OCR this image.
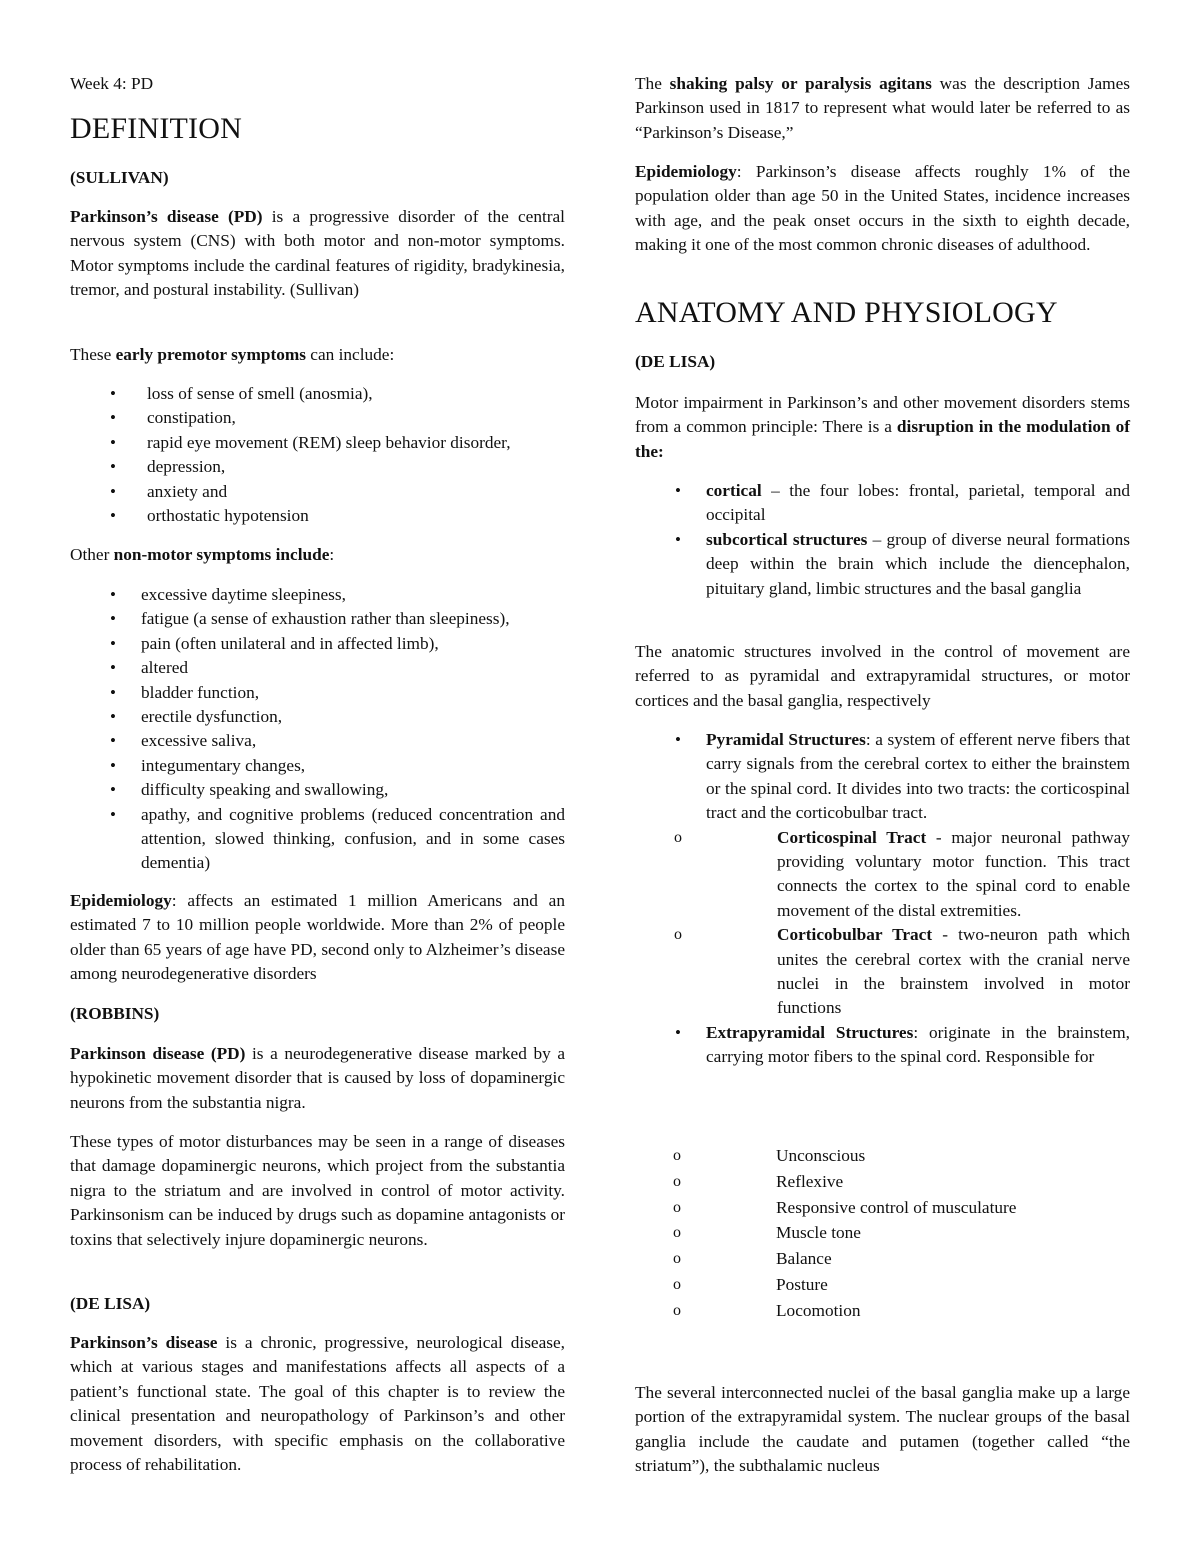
Week 4: PD

DEFINITION

(SULLIVAN)

Parkinson’s disease (PD) is a progressive disorder of the central nervous system (CNS) with both motor and non-motor symptoms. Motor symptoms include the cardinal features of rigidity, bradykinesia, tremor, and postural instability. (Sullivan)

These early premotor symptoms can include:

• loss of sense of smell (anosmia),
• constipation,
• rapid eye movement (REM) sleep behavior disorder,
• depression,
• anxiety and
• orthostatic hypotension

Other non-motor symptoms include:

• excessive daytime sleepiness,
• fatigue (a sense of exhaustion rather than sleepiness),
• pain (often unilateral and in affected limb),
• altered
• bladder function,
• erectile dysfunction,
• excessive saliva,
• integumentary changes,
• difficulty speaking and swallowing,
• apathy, and cognitive problems (reduced concentration and attention, slowed thinking, confusion, and in some cases dementia)

Epidemiology: affects an estimated 1 million Americans and an estimated 7 to 10 million people worldwide. More than 2% of people older than 65 years of age have PD, second only to Alzheimer’s disease among neurodegenerative disorders

(ROBBINS)

Parkinson disease (PD) is a neurodegenerative disease marked by a hypokinetic movement disorder that is caused by loss of dopaminergic neurons from the substantia nigra.

These types of motor disturbances may be seen in a range of diseases that damage dopaminergic neurons, which project from the substantia nigra to the striatum and are involved in control of motor activity. Parkinsonism can be induced by drugs such as dopamine antagonists or toxins that selectively injure dopaminergic neurons.

(DE LISA)

Parkinson’s disease is a chronic, progressive, neurological disease, which at various stages and manifestations affects all aspects of a patient’s functional state. The goal of this chapter is to review the clinical presentation and neuropathology of Parkinson’s and other movement disorders, with specific emphasis on the collaborative process of rehabilitation.

The shaking palsy or paralysis agitans was the description James Parkinson used in 1817 to represent what would later be referred to as “Parkinson’s Disease,”

Epidemiology: Parkinson’s disease affects roughly 1% of the population older than age 50 in the United States, incidence increases with age, and the peak onset occurs in the sixth to eighth decade, making it one of the most common chronic diseases of adulthood.

ANATOMY AND PHYSIOLOGY

(DE LISA)

Motor impairment in Parkinson’s and other movement disorders stems from a common principle: There is a disruption in the modulation of the:

• cortical – the four lobes: frontal, parietal, temporal and occipital
• subcortical structures – group of diverse neural formations deep within the brain which include the diencephalon, pituitary gland, limbic structures and the basal ganglia

The anatomic structures involved in the control of movement are referred to as pyramidal and extrapyramidal structures, or motor cortices and the basal ganglia, respectively

• Pyramidal Structures: a system of efferent nerve fibers that carry signals from the cerebral cortex to either the brainstem or the spinal cord. It divides into two tracts: the corticospinal tract and the corticobulbar tract.
o Corticospinal Tract - major neuronal pathway providing voluntary motor function. This tract connects the cortex to the spinal cord to enable movement of the distal extremities.
o Corticobulbar Tract - two-neuron path which unites the cerebral cortex with the cranial nerve nuclei in the brainstem involved in motor functions
• Extrapyramidal Structures: originate in the brainstem, carrying motor fibers to the spinal cord. Responsible for
o Unconscious
o Reflexive
o Responsive control of musculature
o Muscle tone
o Balance
o Posture
o Locomotion

The several interconnected nuclei of the basal ganglia make up a large portion of the extrapyramidal system. The nuclear groups of the basal ganglia include the caudate and putamen (together called “the striatum”), the subthalamic nucleus
